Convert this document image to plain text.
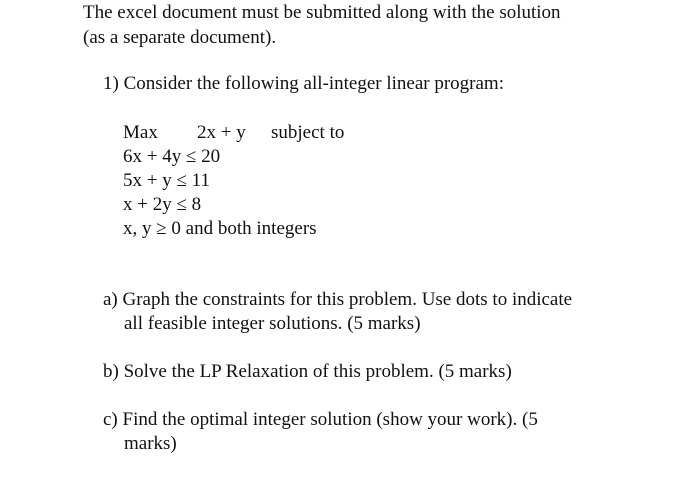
The excel document must be submitted along with the solution
(as a separate document).
1) Consider the following all-integer linear program:
Max 2x + y subject to
6x + 4y ≤ 20
5x + y ≤ 11
x + 2y ≤ 8
x, y ≥ 0 and both integers
a) Graph the constraints for this problem. Use dots to indicate
all feasible integer solutions. (5 marks)
b) Solve the LP Relaxation of this problem. (5 marks)
c) Find the optimal integer solution (show your work). (5
marks)
